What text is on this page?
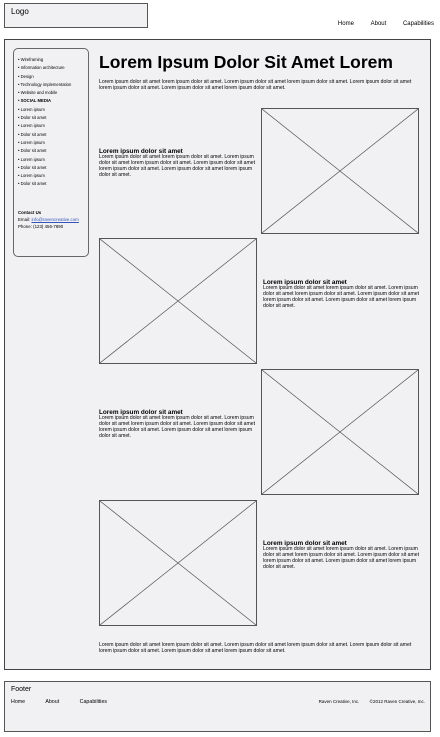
Logo
Home	About	Capabilities
• Wireframing
• Information architecture
• Design
• Technology implementation
• Website and mobile
• SOCIAL MEDIA
• Lorem ipsum
• Dolor sit amet
• Lorem ipsum
• Dolor sit amet
• Lorem ipsum
• Dolor sit amet
• Lorem ipsum
• Dolor sit amet
• Lorem ipsum
• Dolor sit amet
Contact Us
Email: info@ravencreative.com
Phone: (123) 456-7890
Lorem Ipsum Dolor Sit Amet Lorem
Lorem ipsum dolor sit amet lorem ipsum dolor sit amet. Lorem ipsum dolor sit amet lorem ipsum dolor sit amet. Lorem ipsum dolor sit amet lorem ipsum dolor sit amet. Lorem ipsum dolor sit amet lorem ipsum dolor sit amet.
Lorem ipsum dolor sit amet
Lorem ipsum dolor sit amet lorem ipsum dolor sit amet. Lorem ipsum dolor sit amet lorem ipsum dolor sit amet. Lorem ipsum dolor sit amet lorem ipsum dolor sit amet. Lorem ipsum dolor sit amet lorem ipsum dolor sit amet.
Lorem ipsum dolor sit amet
Lorem ipsum dolor sit amet lorem ipsum dolor sit amet. Lorem ipsum dolor sit amet lorem ipsum dolor sit amet. Lorem ipsum dolor sit amet lorem ipsum dolor sit amet. Lorem ipsum dolor sit amet lorem ipsum dolor sit amet.
Lorem ipsum dolor sit amet
Lorem ipsum dolor sit amet lorem ipsum dolor sit amet. Lorem ipsum dolor sit amet lorem ipsum dolor sit amet. Lorem ipsum dolor sit amet lorem ipsum dolor sit amet. Lorem ipsum dolor sit amet lorem ipsum dolor sit amet.
Lorem ipsum dolor sit amet
Lorem ipsum dolor sit amet lorem ipsum dolor sit amet. Lorem ipsum dolor sit amet lorem ipsum dolor sit amet. Lorem ipsum dolor sit amet lorem ipsum dolor sit amet. Lorem ipsum dolor sit amet lorem ipsum dolor sit amet.
Lorem ipsum dolor sit amet lorem ipsum dolor sit amet. Lorem ipsum dolor sit amet lorem ipsum dolor sit amet. Lorem ipsum dolor sit amet lorem ipsum dolor sit amet. Lorem ipsum dolor sit amet lorem ipsum dolor sit amet.
Footer
Home	About	Capabilities	Raven Creative, Inc. ©2012 Raven Creative, Inc.
